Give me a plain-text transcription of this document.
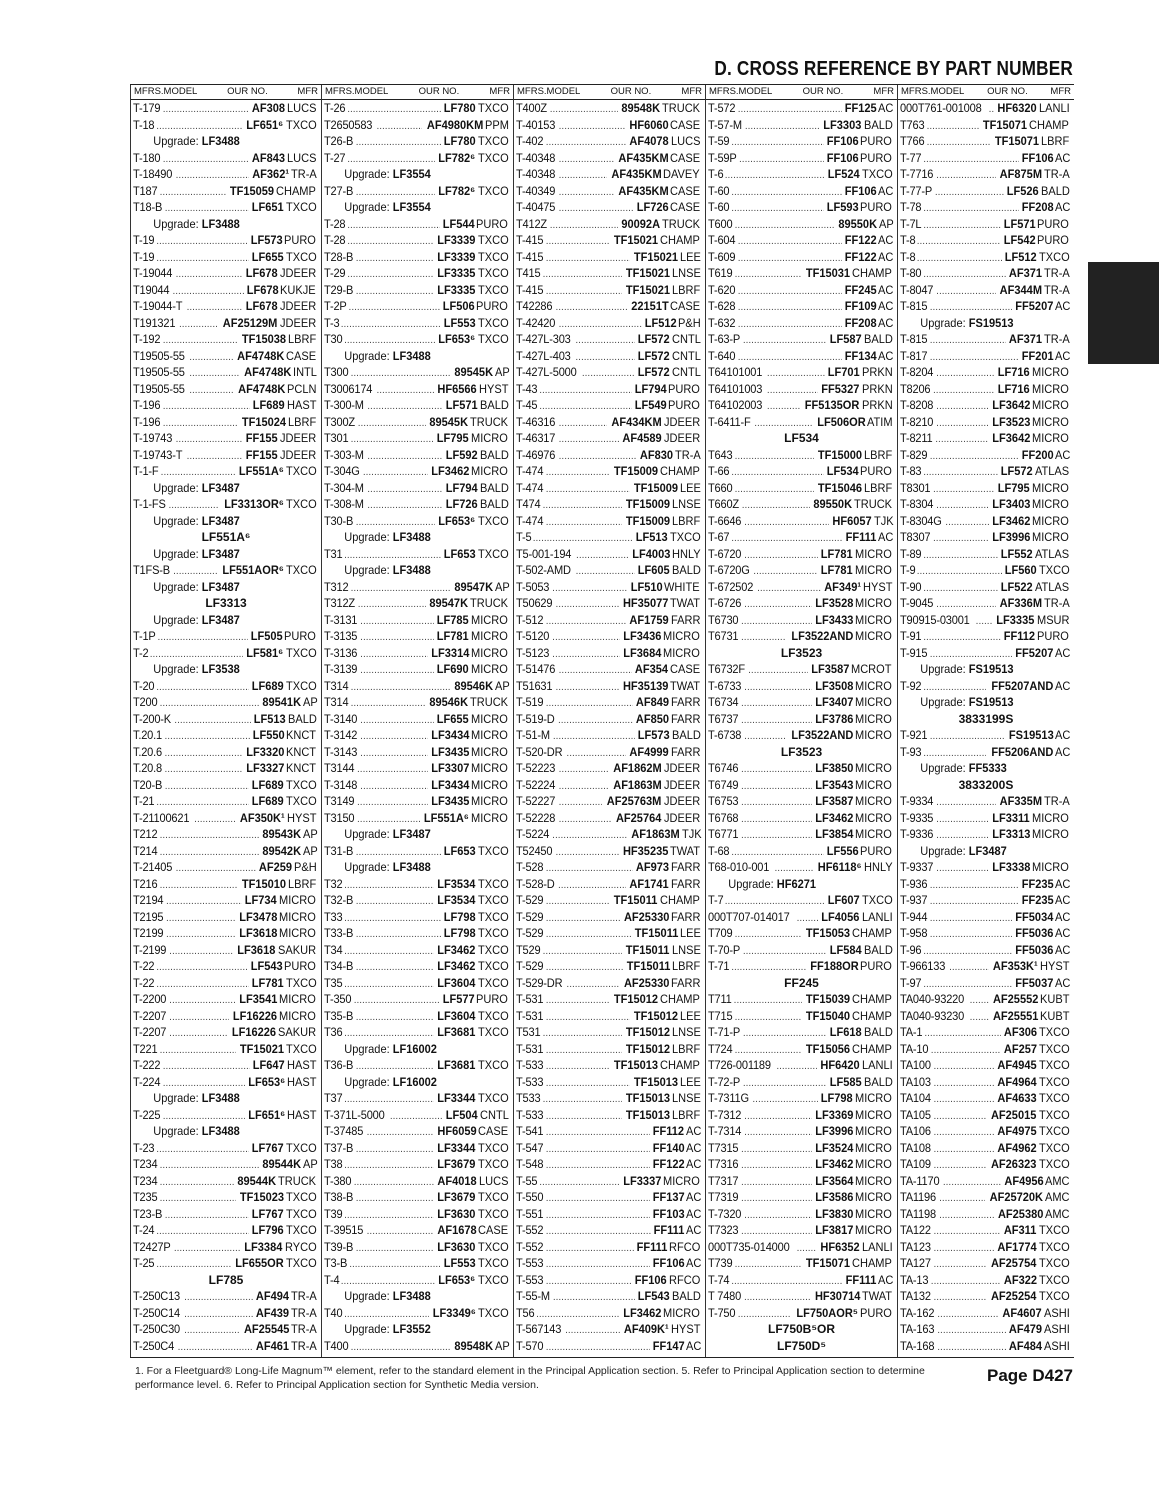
D. CROSS REFERENCE BY PART NUMBER
MFRS.MODEL	OUR NO.	MFR
T-179 .....	AF308 LUCS
T-18 .....	LF651⁶ TXCO
Upgrade: LF3488
T-180 .....	AF843 LUCS
T-18490 .....	AF362¹ TR-A
T187 .....	TF15059 CHAMP
T18-B .....	LF651 TXCO
Upgrade: LF3488
T-19 .....	LF573 PURO
T-19 .....	LF655 TXCO
T-19044 .....	LF678 JDEER
T19044 .....	LF678 KUKJE
T-19044-T .....	LF678 JDEER
T191321 .....	AF25129M JDEER
T-192 .....	TF15038 LBRF
T19505-55 .....	AF4748K CASE
T19505-55 .....	AF4748K INTL
T19505-55 .....	AF4748K PCLN
T-196 .....	LF689 HAST
T-196 .....	TF15024 LBRF
T-19743 .....	FF155 JDEER
T-19743-T .....	FF155 JDEER
T-1-F .....	LF551A⁶ TXCO
Upgrade: LF3487
T-1-FS .....	LF3313OR⁶ TXCO
Upgrade: LF3487
LF551A⁶
Upgrade: LF3487
T1FS-B .....	LF551AOR⁶ TXCO
Upgrade: LF3487
LF3313
Upgrade: LF3487
T-1P .....	LF505 PURO
T-2 .....	LF581⁶ TXCO
Upgrade: LF3538
T-20 .....	LF689 TXCO
T200 .....	89541K AP
T-200-K .....	LF513 BALD
T.20.1 .....	LF550 KNCT
T.20.6 .....	LF3320 KNCT
T.20.8 .....	LF3327 KNCT
T20-B .....	LF689 TXCO
T-21 .....	LF689 TXCO
T-21100621 .....	AF350K¹ HYST
T212 .....	89543K AP
T214 .....	89542K AP
T-21405 .....	AF259 P&H
T216 .....	TF15010 LBRF
T2194 .....	LF734 MICRO
T2195 .....	LF3478 MICRO
T2199 .....	LF3618 MICRO
T-2199 .....	LF3618 SAKUR
T-22 .....	LF543 PURO
T-22 .....	LF781 TXCO
T-2200 .....	LF3541 MICRO
T-2207 .....	LF16226 MICRO
T-2207 .....	LF16226 SAKUR
T221 .....	TF15021 TXCO
T-222 .....	LF647 HAST
T-224 .....	LF653⁶ HAST
Upgrade: LF3488
T-225 .....	LF651⁶ HAST
Upgrade: LF3488
T-23 .....	LF767 TXCO
T234 .....	89544K AP
T234 .....	89544K TRUCK
T235 .....	TF15023 TXCO
T23-B .....	LF767 TXCO
T-24 .....	LF796 TXCO
T2427P .....	LF3384 RYCO
T-25 .....	LF655OR TXCO
LF785
T-250C13 .....	AF494 TR-A
T-250C14 .....	AF439 TR-A
T-250C30 .....	AF25545 TR-A
T-250C4 .....	AF461 TR-A
MFRS.MODEL	OUR NO.	MFR
T-26 .....	LF780 TXCO
T2650583 .....	AF4980KM PPM
T26-B .....	LF780 TXCO
T-27 .....	LF782⁶ TXCO
Upgrade: LF3554
T27-B .....	LF782⁶ TXCO
Upgrade: LF3554
T-28 .....	LF544 PURO
T-28 .....	LF3339 TXCO
T28-B .....	LF3339 TXCO
T-29 .....	LF3335 TXCO
T29-B .....	LF3335 TXCO
T-2P .....	LF506 PURO
T-3 .....	LF553 TXCO
T30 .....	LF653⁶ TXCO
Upgrade: LF3488
T300 .....	89545K AP
T3006174 .....	HF6566 HYST
T-300-M .....	LF571 BALD
T300Z .....	89545K TRUCK
T301 .....	LF795 MICRO
T-303-M .....	LF592 BALD
T-304G .....	LF3462 MICRO
T-304-M .....	LF794 BALD
T-308-M .....	LF726 BALD
T30-B .....	LF653⁶ TXCO
Upgrade: LF3488
T31 .....	LF653 TXCO
Upgrade: LF3488
T312 .....	89547K AP
T312Z .....	89547K TRUCK
T-3131 .....	LF785 MICRO
T-3135 .....	LF781 MICRO
T-3136 .....	LF3314 MICRO
T-3139 .....	LF690 MICRO
T314 .....	89546K AP
T314 .....	89546K TRUCK
T-3140 .....	LF655 MICRO
T-3142 .....	LF3434 MICRO
T-3143 .....	LF3435 MICRO
T3144 .....	LF3307 MICRO
T-3148 .....	LF3434 MICRO
T3149 .....	LF3435 MICRO
T3150 .....	LF551A⁶ MICRO
Upgrade: LF3487
T31-B .....	LF653 TXCO
Upgrade: LF3488
T32 .....	LF3534 TXCO
T32-B .....	LF3534 TXCO
T33 .....	LF798 TXCO
T33-B .....	LF798 TXCO
T34 .....	LF3462 TXCO
T34-B .....	LF3462 TXCO
T35 .....	LF3604 TXCO
T-350 .....	LF577 PURO
T35-B .....	LF3604 TXCO
T36 .....	LF3681 TXCO
Upgrade: LF16002
T36-B .....	LF3681 TXCO
Upgrade: LF16002
T37 .....	LF3344 TXCO
T-371L-5000 .....	LF504 CNTL
T-37485 .....	HF6059 CASE
T37-B .....	LF3344 TXCO
T38 .....	LF3679 TXCO
T-380 .....	AF4018 LUCS
T38-B .....	LF3679 TXCO
T39 .....	LF3630 TXCO
T-39515 .....	AF1678 CASE
T39-B .....	LF3630 TXCO
T3-B .....	LF553 TXCO
T-4 .....	LF653⁶ TXCO
Upgrade: LF3488
T40 .....	LF3349⁶ TXCO
Upgrade: LF3552
T400 .....	89548K AP
MFRS.MODEL	OUR NO.	MFR
T400Z .....	89548K TRUCK
T-40153 .....	HF6060 CASE
T-402 .....	AF4078 LUCS
T-40348 .....	AF435KM CASE
T-40348 .....	AF435KM DAVEY
T-40349 .....	AF435KM CASE
T-40475 .....	LF726 CASE
T412Z .....	90092A TRUCK
T-415 .....	TF15021 CHAMP
T-415 .....	TF15021 LEE
T415 .....	TF15021 LNSE
T-415 .....	TF15021 LBRF
T42286 .....	22151T CASE
T-42420 .....	LF512 P&H
T-427L-303 .....	LF572 CNTL
T-427L-403 .....	LF572 CNTL
T-427L-5000 .....	LF572 CNTL
T-43 .....	LF794 PURO
T-45 .....	LF549 PURO
T-46316 .....	AF434KM JDEER
T-46317 .....	AF4589 JDEER
T-46976 .....	AF830 TR-A
T-474 .....	TF15009 CHAMP
T-474 .....	TF15009 LEE
T474 .....	TF15009 LNSE
T-474 .....	TF15009 LBRF
T-5 .....	LF513 TXCO
T5-001-194 .....	LF4003 HNLY
T-502-AMD .....	LF605 BALD
T-5053 .....	LF510 WHITE
T50629 .....	HF35077 TWAT
T-512 .....	AF1759 FARR
T-5120 .....	LF3436 MICRO
T-5123 .....	LF3684 MICRO
T-51476 .....	AF354 CASE
T51631 .....	HF35139 TWAT
T-519 .....	AF849 FARR
T-519-D .....	AF850 FARR
T-51-M .....	LF573 BALD
T-520-DR .....	AF4999 FARR
T-52223 .....	AF1862M JDEER
T-52224 .....	AF1863M JDEER
T-52227 .....	AF25763M JDEER
T-52228 .....	AF25764 JDEER
T-5224 .....	AF1863M TJK
T52450 .....	HF35235 TWAT
T-528 .....	AF973 FARR
T-528-D .....	AF1741 FARR
T-529 .....	TF15011 CHAMP
T-529 .....	AF25330 FARR
T-529 .....	TF15011 LEE
T529 .....	TF15011 LNSE
T-529 .....	TF15011 LBRF
T-529-DR .....	AF25330 FARR
T-531 .....	TF15012 CHAMP
T-531 .....	TF15012 LEE
T531 .....	TF15012 LNSE
T-531 .....	TF15012 LBRF
T-533 .....	TF15013 CHAMP
T-533 .....	TF15013 LEE
T533 .....	TF15013 LNSE
T-533 .....	TF15013 LBRF
T-541 .....	FF112 AC
T-547 .....	FF140 AC
T-548 .....	FF122 AC
T-55 .....	LF3337 MICRO
T-550 .....	FF137 AC
T-551 .....	FF103 AC
T-552 .....	FF111 AC
T-552 .....	FF111 RFCO
T-553 .....	FF106 AC
T-553 .....	FF106 RFCO
T-55-M .....	LF543 BALD
T56 .....	LF3462 MICRO
T-567143 .....	AF409K¹ HYST
T-570 .....	FF147 AC
MFRS.MODEL	OUR NO.	MFR
T-572 .....	FF125 AC
T-57-M .....	LF3303 BALD
T-59 .....	FF106 PURO
T-59P .....	FF106 PURO
T-6 .....	LF524 TXCO
T-60 .....	FF106 AC
T-60 .....	LF593 PURO
T600 .....	89550K AP
T-604 .....	FF122 AC
T-609 .....	FF122 AC
T619 .....	TF15031 CHAMP
T-620 .....	FF245 AC
T-628 .....	FF109 AC
T-632 .....	FF208 AC
T-63-P .....	LF587 BALD
T-640 .....	FF134 AC
T64101001 .....	LF701 PRKN
T64101003 .....	FF5327 PRKN
T64102003 .....	FF5135OR PRKN
T-6411-F .....	LF506OR ATIM
LF534
T643 .....	TF15000 LBRF
T-66 .....	LF534 PURO
T660 .....	TF15046 LBRF
T660Z .....	89550K TRUCK
T-6646 .....	HF6057 TJK
T-67 .....	FF111 AC
T-6720 .....	LF781 MICRO
T-6720G .....	LF781 MICRO
T-672502 .....	AF349¹ HYST
T-6726 .....	LF3528 MICRO
T6730 .....	LF3433 MICRO
T6731 .....	LF3522AND MICRO
LF3523
T6732F .....	LF3587 MCROT
T-6733 .....	LF3508 MICRO
T6734 .....	LF3407 MICRO
T6737 .....	LF3786 MICRO
T-6738 .....	LF3522AND MICRO
LF3523
T6746 .....	LF3850 MICRO
T6749 .....	LF3543 MICRO
T6753 .....	LF3587 MICRO
T6768 .....	LF3462 MICRO
T6771 .....	LF3854 MICRO
T-68 .....	LF556 PURO
T68-010-001 .....	HF6118⁶ HNLY
Upgrade: HF6271
T-7 .....	LF607 TXCO
000T707-014017 .....	LF4056 LANLI
T709 .....	TF15053 CHAMP
T-70-P .....	LF584 BALD
T-71 .....	FF188OR PURO
FF245
T711 .....	TF15039 CHAMP
T715 .....	TF15040 CHAMP
T-71-P .....	LF618 BALD
T724 .....	TF15056 CHAMP
T726-001189 .....	HF6420 LANLI
T-72-P .....	LF585 BALD
T-7311G .....	LF798 MICRO
T-7312 .....	LF3369 MICRO
T-7314 .....	LF3996 MICRO
T7315 .....	LF3524 MICRO
T7316 .....	LF3462 MICRO
T7317 .....	LF3564 MICRO
T7319 .....	LF3586 MICRO
T-7320 .....	LF3830 MICRO
T7323 .....	LF3817 MICRO
000T735-014000 .....	HF6352 LANLI
T739 .....	TF15071 CHAMP
T-74 .....	FF111 AC
T 7480 .....	HF30714 TWAT
T-750 .....	LF750AOR⁵ PURO
LF750B⁵OR
LF750D⁵
MFRS.MODEL OUR NO. MFR
000T761-001008 ..... HF6320 LANLI
T763 .....	TF15071 CHAMP
T766 .....	TF15071 LBRF
T-77 .....	FF106 AC
T-7716 .....	AF875M TR-A
T-77-P .....	LF526 BALD
T-78 .....	FF208 AC
T-7L .....	LF571 PURO
T-8 .....	LF542 PURO
T-8 .....	LF512 TXCO
T-80 .....	AF371 TR-A
T-8047 .....	AF344M TR-A
T-815 .....	FF5207 AC
Upgrade: FS19513
T-815 .....	AF371 TR-A
T-817 .....	FF201 AC
T-8204 .....	LF716 MICRO
T8206 .....	LF716 MICRO
T-8208 .....	LF3642 MICRO
T-8210 .....	LF3523 MICRO
T-8211 .....	LF3642 MICRO
T-829 .....	FF200 AC
T-83 .....	LF572 ATLAS
T8301 .....	LF795 MICRO
T-8304 .....	LF3403 MICRO
T-8304G .....	LF3462 MICRO
T8307 .....	LF3996 MICRO
T-89 .....	LF552 ATLAS
T-9 .....	LF560 TXCO
T-90 .....	LF522 ATLAS
T-9045 .....	AF336M TR-A
T90915-03001 ..... LF3335 MSUR
T-91 .....	FF112 PURO
T-915 .....	FF5207 AC
Upgrade: FS19513
T-92 .....	FF5207AND AC
Upgrade: FS19513
3833199S
T-921 .....	FS19513 AC
T-93 .....	FF5206AND AC
Upgrade: FF5333
3833200S
T-9334 .....	AF335M TR-A
T-9335 .....	LF3311 MICRO
T-9336 .....	LF3313 MICRO
Upgrade: LF3487
T-9337 .....	LF3338 MICRO
T-936 .....	FF235 AC
T-937 .....	FF235 AC
T-944 .....	FF5034 AC
T-958 .....	FF5036 AC
T-96 .....	FF5036 AC
T-966133 .....	AF353K¹ HYST
T-97 .....	FF5037 AC
TA040-93220 ..... AF25552 KUBT
TA040-93230 ..... AF25551 KUBT
TA-1 .....	AF306 TXCO
TA-10 .....	AF257 TXCO
TA100 .....	AF4945 TXCO
TA103 .....	AF4964 TXCO
TA104 .....	AF4633 TXCO
TA105 .....	AF25015 TXCO
TA106 .....	AF4975 TXCO
TA108 .....	AF4962 TXCO
TA109 .....	AF26323 TXCO
TA-1170 .....	AF4956 AMC
TA1196 .....	AF25720K AMC
TA1198 .....	AF25380 AMC
TA122 .....	AF311 TXCO
TA123 .....	AF1774 TXCO
TA127 .....	AF25754 TXCO
TA-13 .....	AF322 TXCO
TA132 .....	AF25254 TXCO
TA-162 .....	AF4607 ASHI
TA-163 .....	AF479 ASHI
TA-168 .....	AF484 ASHI
1. For a Fleetguard® Long-Life Magnum™ element, refer to the standard element in the Principal Application section. 5. Refer to Principal Application section to determine performance level. 6. Refer to Principal Application section for Synthetic Media version.	Page D427
